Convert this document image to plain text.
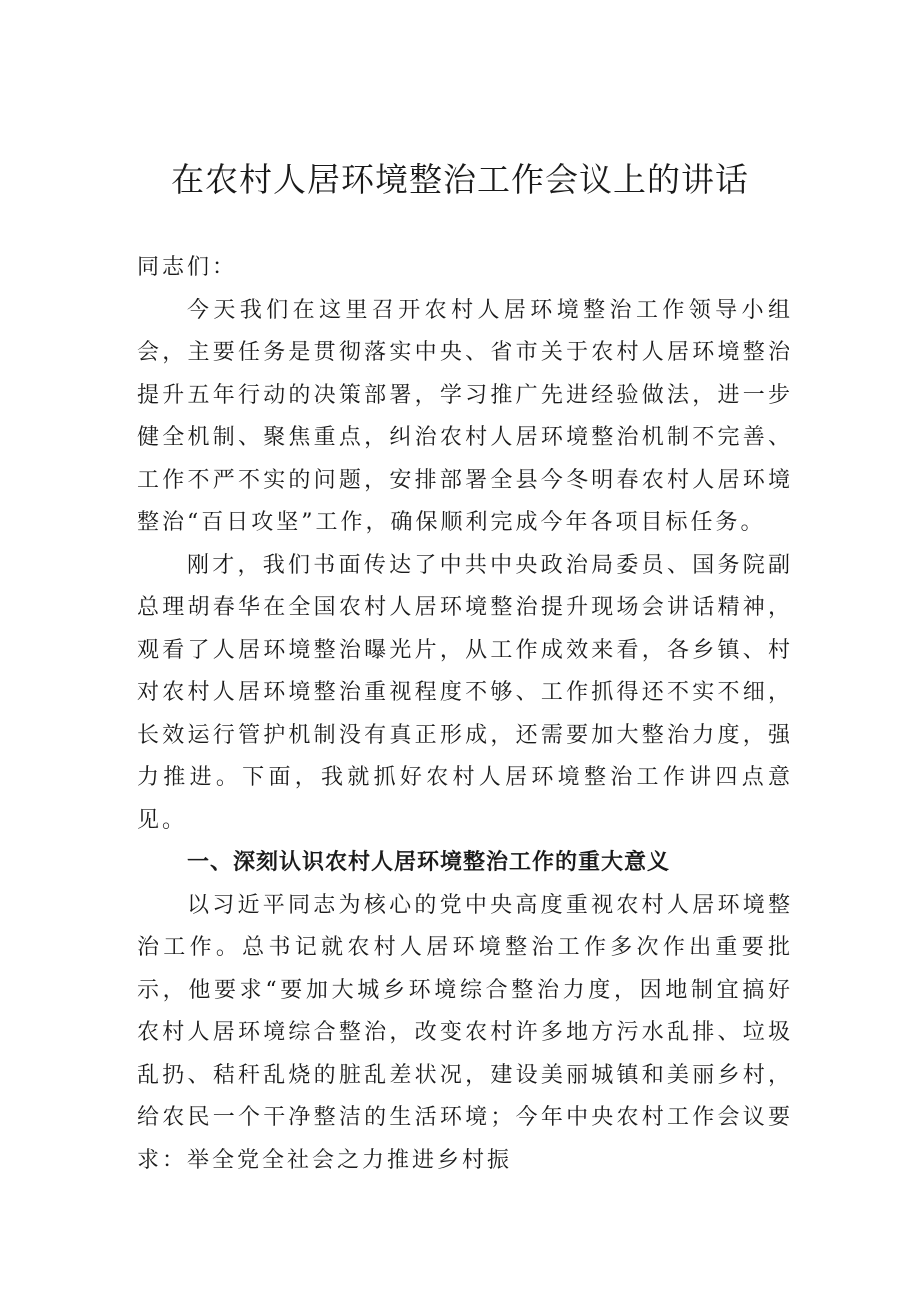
在农村人居环境整治工作会议上的讲话

同志们：

今天我们在这里召开农村人居环境整治工作领导小组会，主要任务是贯彻落实中央、省市关于农村人居环境整治提升五年行动的决策部署，学习推广先进经验做法，进一步健全机制、聚焦重点，纠治农村人居环境整治机制不完善、工作不严不实的问题，安排部署全县今冬明春农村人居环境整治“百日攻坚”工作，确保顺利完成今年各项目标任务。

刚才，我们书面传达了中共中央政治局委员、国务院副总理胡春华在全国农村人居环境整治提升现场会讲话精神，观看了人居环境整治曝光片，从工作成效来看，各乡镇、村对农村人居环境整治重视程度不够、工作抓得还不实不细，长效运行管护机制没有真正形成，还需要加大整治力度，强力推进。下面，我就抓好农村人居环境整治工作讲四点意见。

一、深刻认识农村人居环境整治工作的重大意义

以习近平同志为核心的党中央高度重视农村人居环境整治工作。总书记就农村人居环境整治工作多次作出重要批示，他要求“要加大城乡环境综合整治力度，因地制宜搞好农村人居环境综合整治，改变农村许多地方污水乱排、垃圾乱扔、秸秆乱烧的脏乱差状况，建设美丽城镇和美丽乡村，给农民一个干净整洁的生活环境；今年中央农村工作会议要求：举全党全社会之力推进乡村振
